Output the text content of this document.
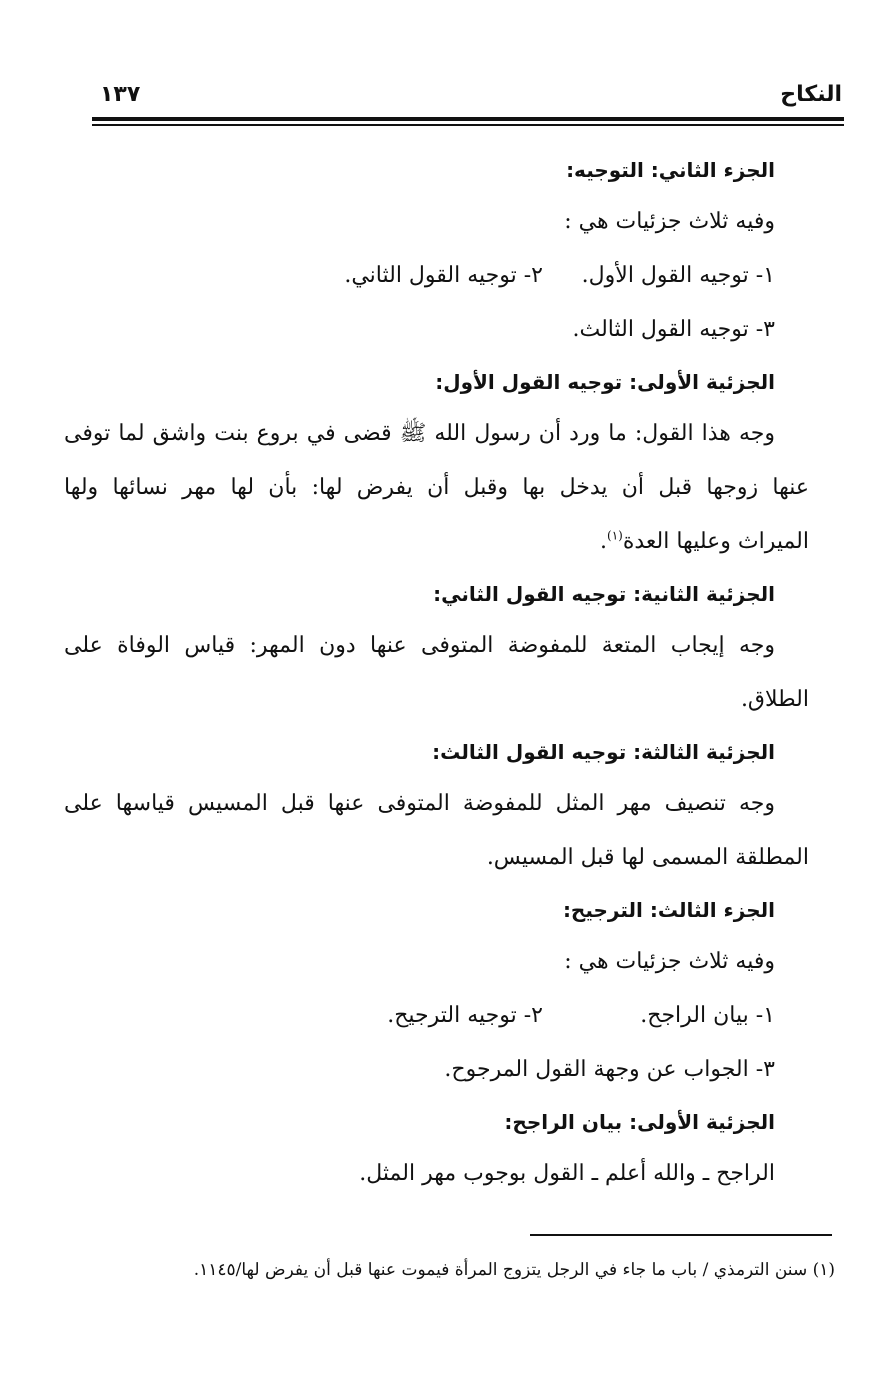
النكاح
١٣٧
الجزء الثاني: التوجيه:
وفيه ثلاث جزئيات هي :
١- توجيه القول الأول.
٢- توجيه القول الثاني.
٣- توجيه القول الثالث.
الجزئية الأولى: توجيه القول الأول:
وجه هذا القول: ما ورد أن رسول الله ﷺ قضى في بروع بنت واشق لما توفى
عنها زوجها قبل أن يدخل بها وقبل أن يفرض لها: بأن لها مهر نسائها ولها
الميراث وعليها العدة$^{(١)}$.
الجزئية الثانية: توجيه القول الثاني:
وجه إيجاب المتعة للمفوضة المتوفى عنها دون المهر: قياس الوفاة على
الطلاق.
الجزئية الثالثة: توجيه القول الثالث:
وجه تنصيف مهر المثل للمفوضة المتوفى عنها قبل المسيس قياسها على
المطلقة المسمى لها قبل المسيس.
الجزء الثالث: الترجيح:
وفيه ثلاث جزئيات هي :
١- بيان الراجح.
٢- توجيه الترجيح.
٣- الجواب عن وجهة القول المرجوح.
الجزئية الأولى: بيان الراجح:
الراجح ـ والله أعلم ـ القول بوجوب مهر المثل.
(١) سنن الترمذي / باب ما جاء في الرجل يتزوج المرأة فيموت عنها قبل أن يفرض لها/١١٤٥.
